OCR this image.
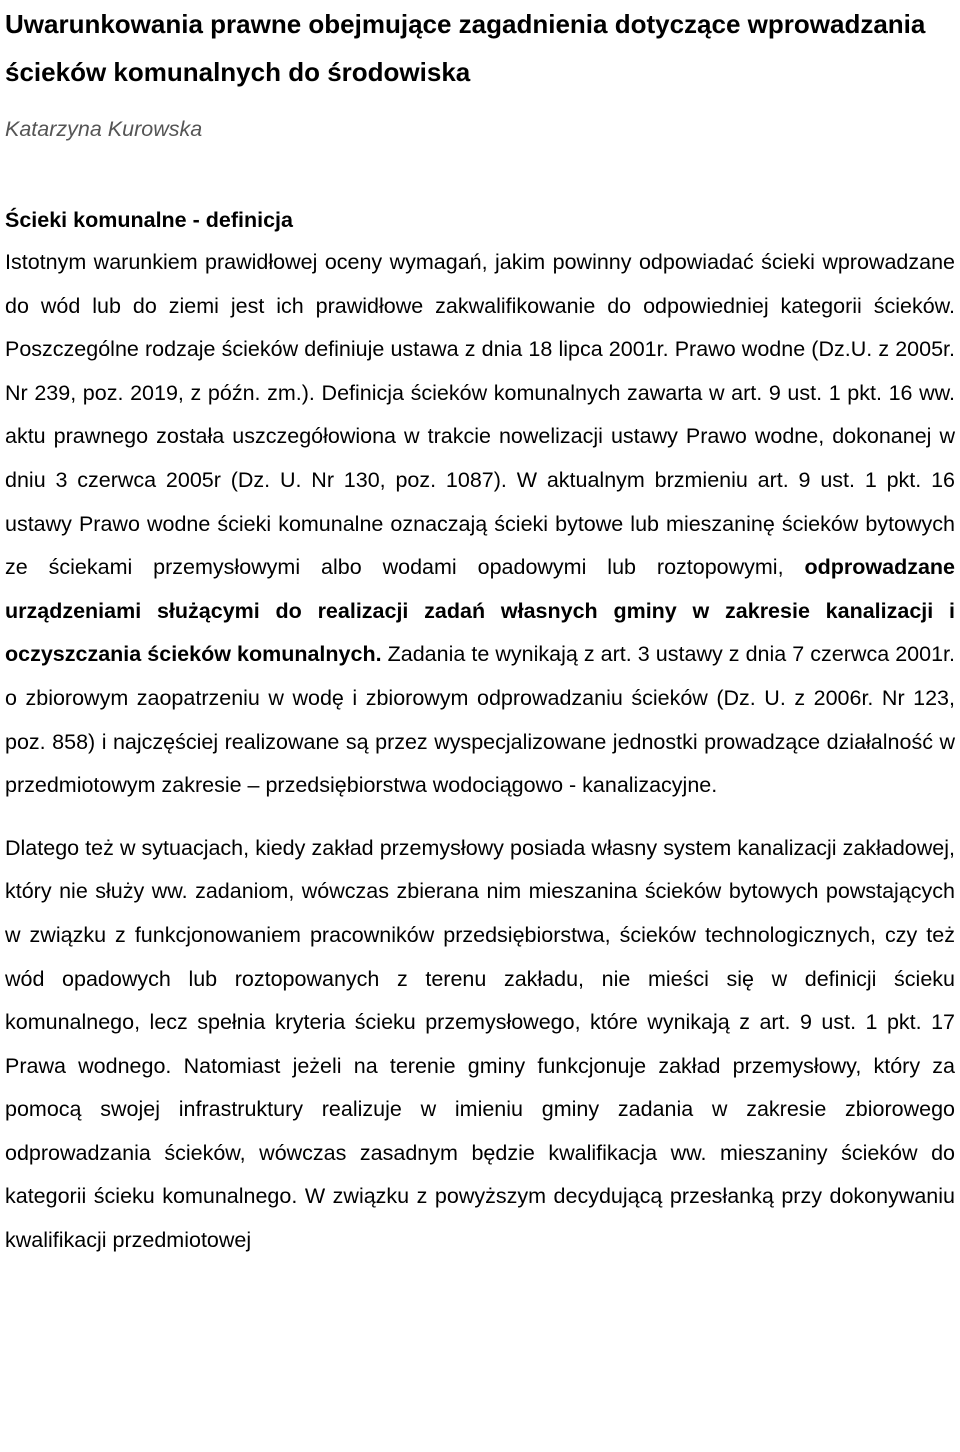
Uwarunkowania prawne obejmujące zagadnienia dotyczące wprowadzania ścieków komunalnych do środowiska
Katarzyna Kurowska
Ścieki komunalne - definicja

Istotnym warunkiem prawidłowej oceny wymagań, jakim powinny odpowiadać ścieki wprowadzane do wód lub do ziemi jest ich prawidłowe zakwalifikowanie do odpowiedniej kategorii ścieków. Poszczególne rodzaje ścieków definiuje ustawa z dnia 18 lipca 2001r. Prawo wodne (Dz.U. z 2005r. Nr 239, poz. 2019, z późn. zm.). Definicja ścieków komunalnych zawarta w art. 9 ust. 1 pkt. 16 ww. aktu prawnego została uszczegółowiona w trakcie nowelizacji ustawy Prawo wodne, dokonanej w dniu 3 czerwca 2005r (Dz. U. Nr 130, poz. 1087). W aktualnym brzmieniu art. 9 ust. 1 pkt. 16 ustawy Prawo wodne ścieki komunalne oznaczają ścieki bytowe lub mieszaninę ścieków bytowych ze ściekami przemysłowymi albo wodami opadowymi lub roztopowymi, odprowadzane urządzeniami służącymi do realizacji zadań własnych gminy w zakresie kanalizacji i oczyszczania ścieków komunalnych. Zadania te wynikają z art. 3 ustawy z dnia 7 czerwca 2001r. o zbiorowym zaopatrzeniu w wodę i zbiorowym odprowadzaniu ścieków (Dz. U. z 2006r. Nr 123, poz. 858) i najczęściej realizowane są przez wyspecjalizowane jednostki prowadzące działalność w przedmiotowym zakresie – przedsiębiorstwa wodociągowo - kanalizacyjne.

Dlatego też w sytuacjach, kiedy zakład przemysłowy posiada własny system kanalizacji zakładowej, który nie służy ww. zadaniom, wówczas zbierana nim mieszanina ścieków bytowych powstających w związku z funkcjonowaniem pracowników przedsiębiorstwa, ścieków technologicznych, czy też wód opadowych lub roztopowanych z terenu zakładu, nie mieści się w definicji ścieku komunalnego, lecz spełnia kryteria ścieku przemysłowego, które wynikają z art. 9 ust. 1 pkt. 17 Prawa wodnego. Natomiast jeżeli na terenie gminy funkcjonuje zakład przemysłowy, który za pomocą swojej infrastruktury realizuje w imieniu gminy zadania w zakresie zbiorowego odprowadzania ścieków, wówczas zasadnym będzie kwalifikacja ww. mieszaniny ścieków do kategorii ścieku komunalnego. W związku z powyższym decydującą przesłanką przy dokonywaniu kwalifikacji przedmiotowej
